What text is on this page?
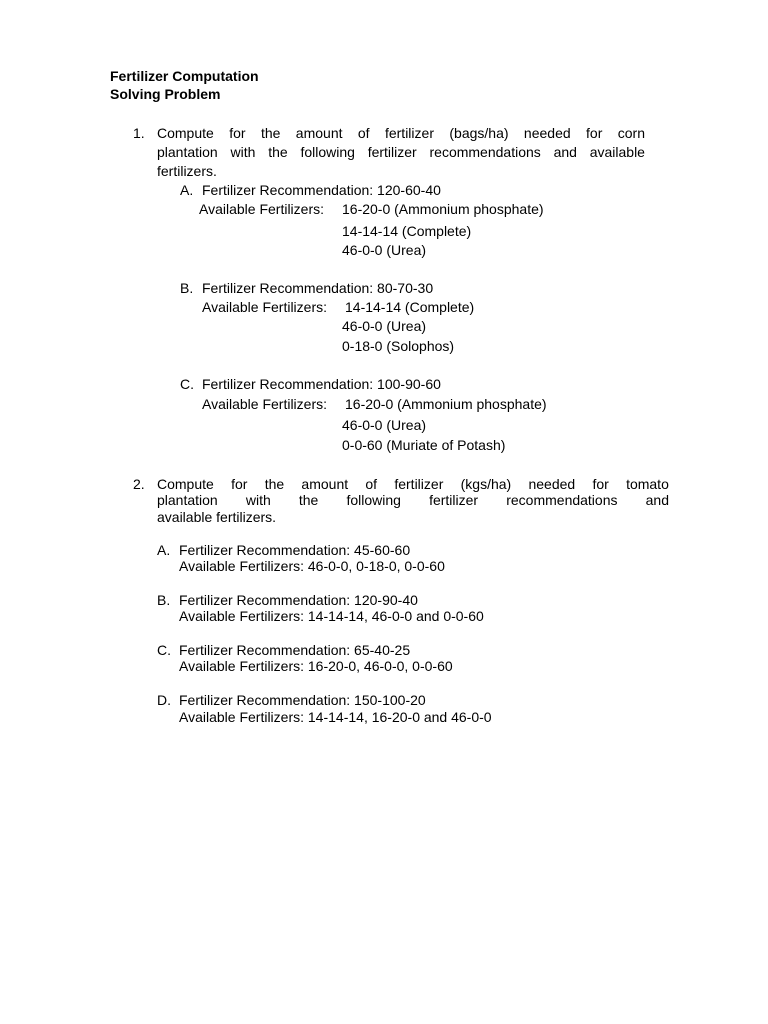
Fertilizer Computation
Solving Problem
1. Compute for the amount of fertilizer (bags/ha) needed for corn
plantation with the following fertilizer recommendations and available
fertilizers.
A. Fertilizer Recommendation: 120-60-40
Available Fertilizers: 16-20-0 (Ammonium phosphate)
14-14-14 (Complete)
46-0-0 (Urea)
B. Fertilizer Recommendation: 80-70-30
Available Fertilizers: 14-14-14 (Complete)
46-0-0 (Urea)
0-18-0 (Solophos)
C. Fertilizer Recommendation: 100-90-60
Available Fertilizers: 16-20-0 (Ammonium phosphate)
46-0-0 (Urea)
0-0-60 (Muriate of Potash)
2. Compute for the amount of fertilizer (kgs/ha) needed for tomato
plantation with the following fertilizer recommendations and
available fertilizers.
A. Fertilizer Recommendation: 45-60-60
Available Fertilizers: 46-0-0, 0-18-0, 0-0-60
B. Fertilizer Recommendation: 120-90-40
Available Fertilizers: 14-14-14, 46-0-0 and 0-0-60
C. Fertilizer Recommendation: 65-40-25
Available Fertilizers: 16-20-0, 46-0-0, 0-0-60
D. Fertilizer Recommendation: 150-100-20
Available Fertilizers: 14-14-14, 16-20-0 and 46-0-0
